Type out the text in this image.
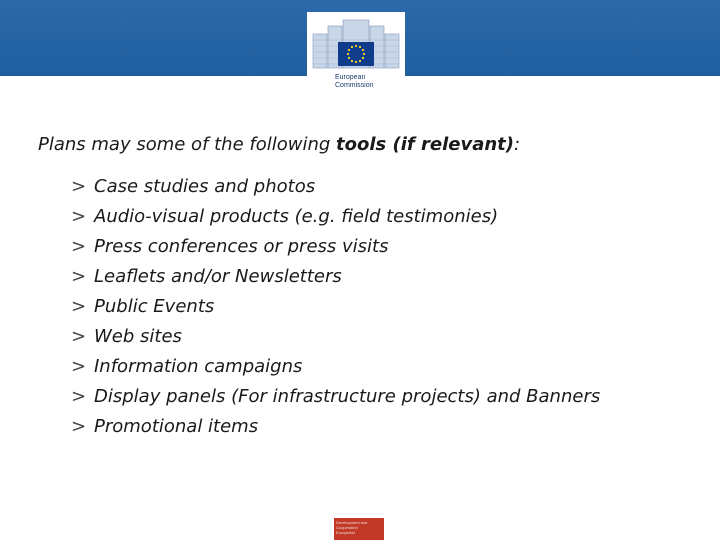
European
Commission

Plans may some of the following tools (if relevant):

> Case studies and photos
> Audio-visual products (e.g. field testimonies)
> Press conferences or press visits
> Leaflets and/or Newsletters
> Public Events
> Web sites
> Information campaigns
> Display panels (For infrastructure projects) and Banners
> Promotional items
Development and
Cooperation
EuropeAid
